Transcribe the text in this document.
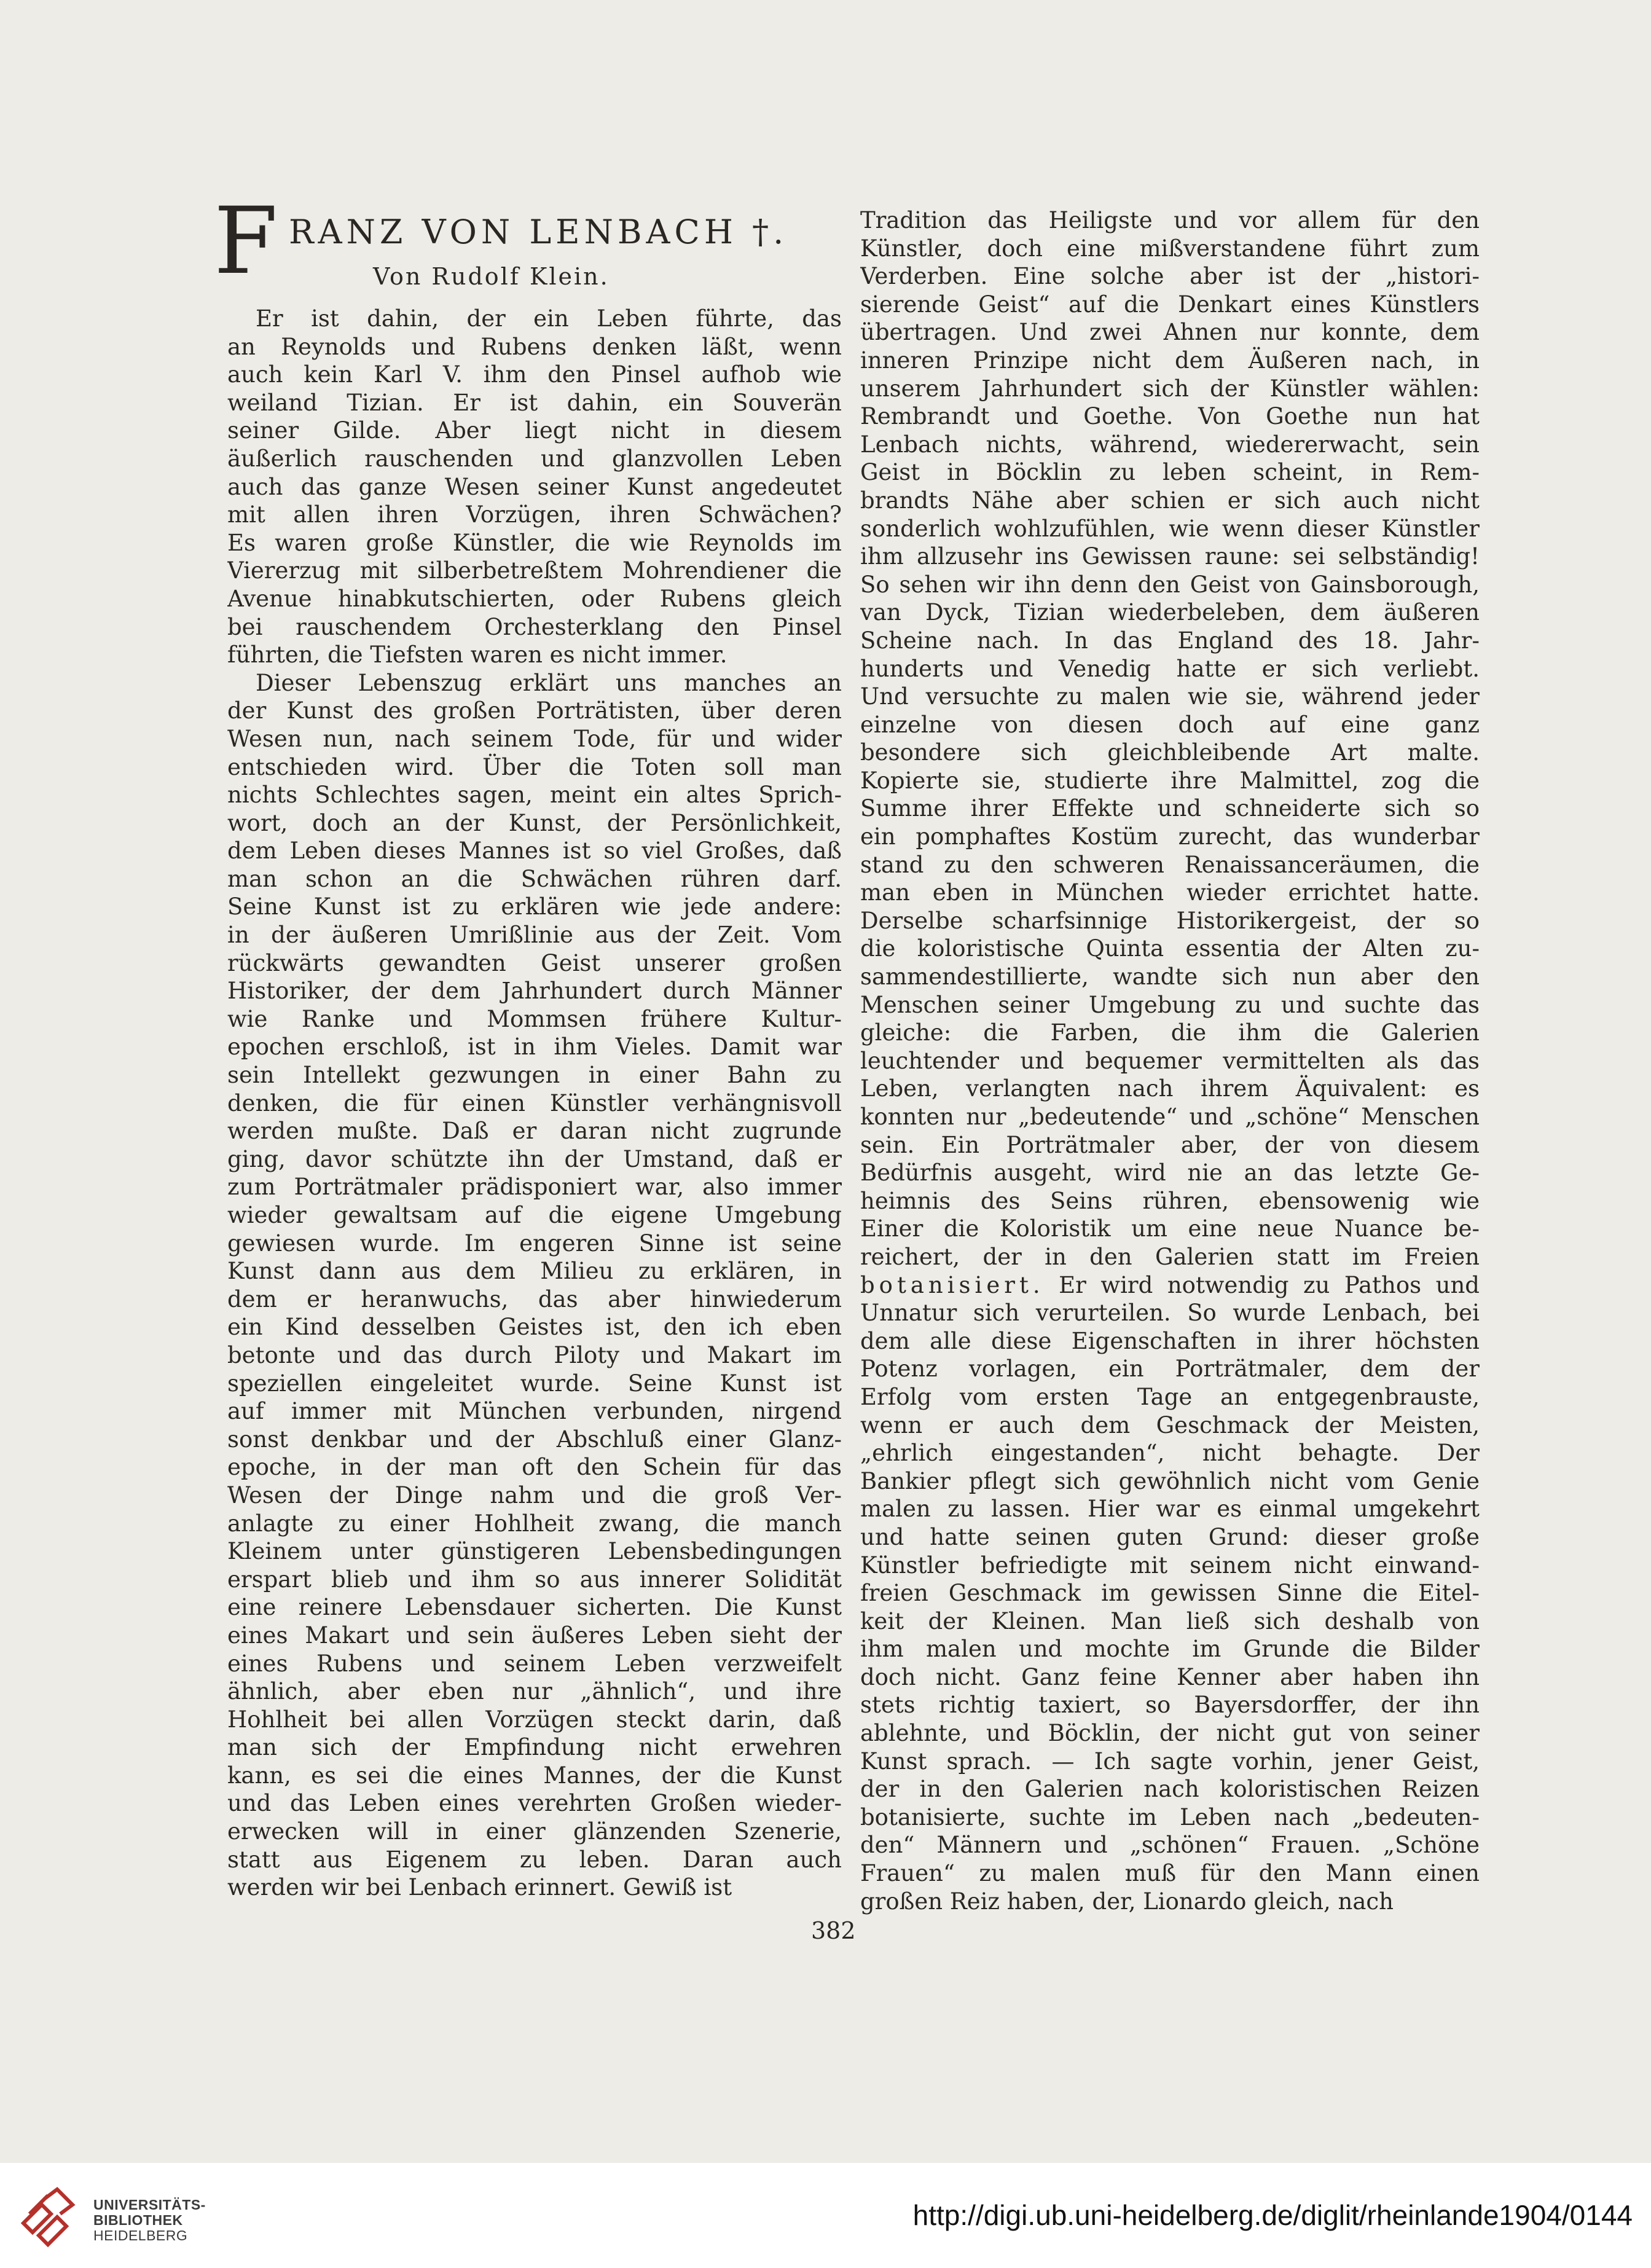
F RANZ VON LENBACH †.
Von Rudolf Klein.
Er ist dahin, der ein Leben führte, das
an Reynolds und Rubens denken läßt, wenn
auch kein Karl V. ihm den Pinsel aufhob wie
weiland Tizian. Er ist dahin, ein Souverän
seiner Gilde. Aber liegt nicht in diesem
äußerlich rauschenden und glanzvollen Leben
auch das ganze Wesen seiner Kunst angedeutet
mit allen ihren Vorzügen, ihren Schwächen?
Es waren große Künstler, die wie Reynolds im
Viererzug mit silberbetreßtem Mohrendiener die
Avenue hinabkutschierten, oder Rubens gleich
bei rauschendem Orchesterklang den Pinsel
führten, die Tiefsten waren es nicht immer.
Dieser Lebenszug erklärt uns manches an
der Kunst des großen Porträtisten, über deren
Wesen nun, nach seinem Tode, für und wider
entschieden wird. Über die Toten soll man
nichts Schlechtes sagen, meint ein altes Sprich-
wort, doch an der Kunst, der Persönlichkeit,
dem Leben dieses Mannes ist so viel Großes, daß
man schon an die Schwächen rühren darf.
Seine Kunst ist zu erklären wie jede andere:
in der äußeren Umrißlinie aus der Zeit. Vom
rückwärts gewandten Geist unserer großen
Historiker, der dem Jahrhundert durch Männer
wie Ranke und Mommsen frühere Kultur-
epochen erschloß, ist in ihm Vieles. Damit war
sein Intellekt gezwungen in einer Bahn zu
denken, die für einen Künstler verhängnisvoll
werden mußte. Daß er daran nicht zugrunde
ging, davor schützte ihn der Umstand, daß er
zum Porträtmaler prädisponiert war, also immer
wieder gewaltsam auf die eigene Umgebung
gewiesen wurde. Im engeren Sinne ist seine
Kunst dann aus dem Milieu zu erklären, in
dem er heranwuchs, das aber hinwiederum
ein Kind desselben Geistes ist, den ich eben
betonte und das durch Piloty und Makart im
speziellen eingeleitet wurde. Seine Kunst ist
auf immer mit München verbunden, nirgend
sonst denkbar und der Abschluß einer Glanz-
epoche, in der man oft den Schein für das
Wesen der Dinge nahm und die groß Ver-
anlagte zu einer Hohlheit zwang, die manch
Kleinem unter günstigeren Lebensbedingungen
erspart blieb und ihm so aus innerer Solidität
eine reinere Lebensdauer sicherten. Die Kunst
eines Makart und sein äußeres Leben sieht der
eines Rubens und seinem Leben verzweifelt
ähnlich, aber eben nur „ähnlich“, und ihre
Hohlheit bei allen Vorzügen steckt darin, daß
man sich der Empfindung nicht erwehren
kann, es sei die eines Mannes, der die Kunst
und das Leben eines verehrten Großen wieder-
erwecken will in einer glänzenden Szenerie,
statt aus Eigenem zu leben. Daran auch
werden wir bei Lenbach erinnert. Gewiß ist
Tradition das Heiligste und vor allem für den
Künstler, doch eine mißverstandene führt zum
Verderben. Eine solche aber ist der „histori-
sierende Geist“ auf die Denkart eines Künstlers
übertragen. Und zwei Ahnen nur konnte, dem
inneren Prinzipe nicht dem Äußeren nach, in
unserem Jahrhundert sich der Künstler wählen:
Rembrandt und Goethe. Von Goethe nun hat
Lenbach nichts, während, wiedererwacht, sein
Geist in Böcklin zu leben scheint, in Rem-
brandts Nähe aber schien er sich auch nicht
sonderlich wohlzufühlen, wie wenn dieser Künstler
ihm allzusehr ins Gewissen raune: sei selbständig!
So sehen wir ihn denn den Geist von Gainsborough,
van Dyck, Tizian wiederbeleben, dem äußeren
Scheine nach. In das England des 18. Jahr-
hunderts und Venedig hatte er sich verliebt.
Und versuchte zu malen wie sie, während jeder
einzelne von diesen doch auf eine ganz
besondere sich gleichbleibende Art malte.
Kopierte sie, studierte ihre Malmittel, zog die
Summe ihrer Effekte und schneiderte sich so
ein pomphaftes Kostüm zurecht, das wunderbar
stand zu den schweren Renaissanceräumen, die
man eben in München wieder errichtet hatte.
Derselbe scharfsinnige Historikergeist, der so
die koloristische Quinta essentia der Alten zu-
sammendestillierte, wandte sich nun aber den
Menschen seiner Umgebung zu und suchte das
gleiche: die Farben, die ihm die Galerien
leuchtender und bequemer vermittelten als das
Leben, verlangten nach ihrem Äquivalent: es
konnten nur „bedeutende“ und „schöne“ Menschen
sein. Ein Porträtmaler aber, der von diesem
Bedürfnis ausgeht, wird nie an das letzte Ge-
heimnis des Seins rühren, ebensowenig wie
Einer die Koloristik um eine neue Nuance be-
reichert, der in den Galerien statt im Freien
botanisiert. Er wird notwendig zu Pathos und
Unnatur sich verurteilen. So wurde Lenbach, bei
dem alle diese Eigenschaften in ihrer höchsten
Potenz vorlagen, ein Porträtmaler, dem der
Erfolg vom ersten Tage an entgegenbrauste,
wenn er auch dem Geschmack der Meisten,
„ehrlich eingestanden“, nicht behagte. Der
Bankier pflegt sich gewöhnlich nicht vom Genie
malen zu lassen. Hier war es einmal umgekehrt
und hatte seinen guten Grund: dieser große
Künstler befriedigte mit seinem nicht einwand-
freien Geschmack im gewissen Sinne die Eitel-
keit der Kleinen. Man ließ sich deshalb von
ihm malen und mochte im Grunde die Bilder
doch nicht. Ganz feine Kenner aber haben ihn
stets richtig taxiert, so Bayersdorffer, der ihn
ablehnte, und Böcklin, der nicht gut von seiner
Kunst sprach. — Ich sagte vorhin, jener Geist,
der in den Galerien nach koloristischen Reizen
botanisierte, suchte im Leben nach „bedeuten-
den“ Männern und „schönen“ Frauen. „Schöne
Frauen“ zu malen muß für den Mann einen
großen Reiz haben, der, Lionardo gleich, nach
382
UNIVERSITÄTS-
BIBLIOTHEK
HEIDELBERG
http://digi.ub.uni-heidelberg.de/diglit/rheinlande1904/0144
